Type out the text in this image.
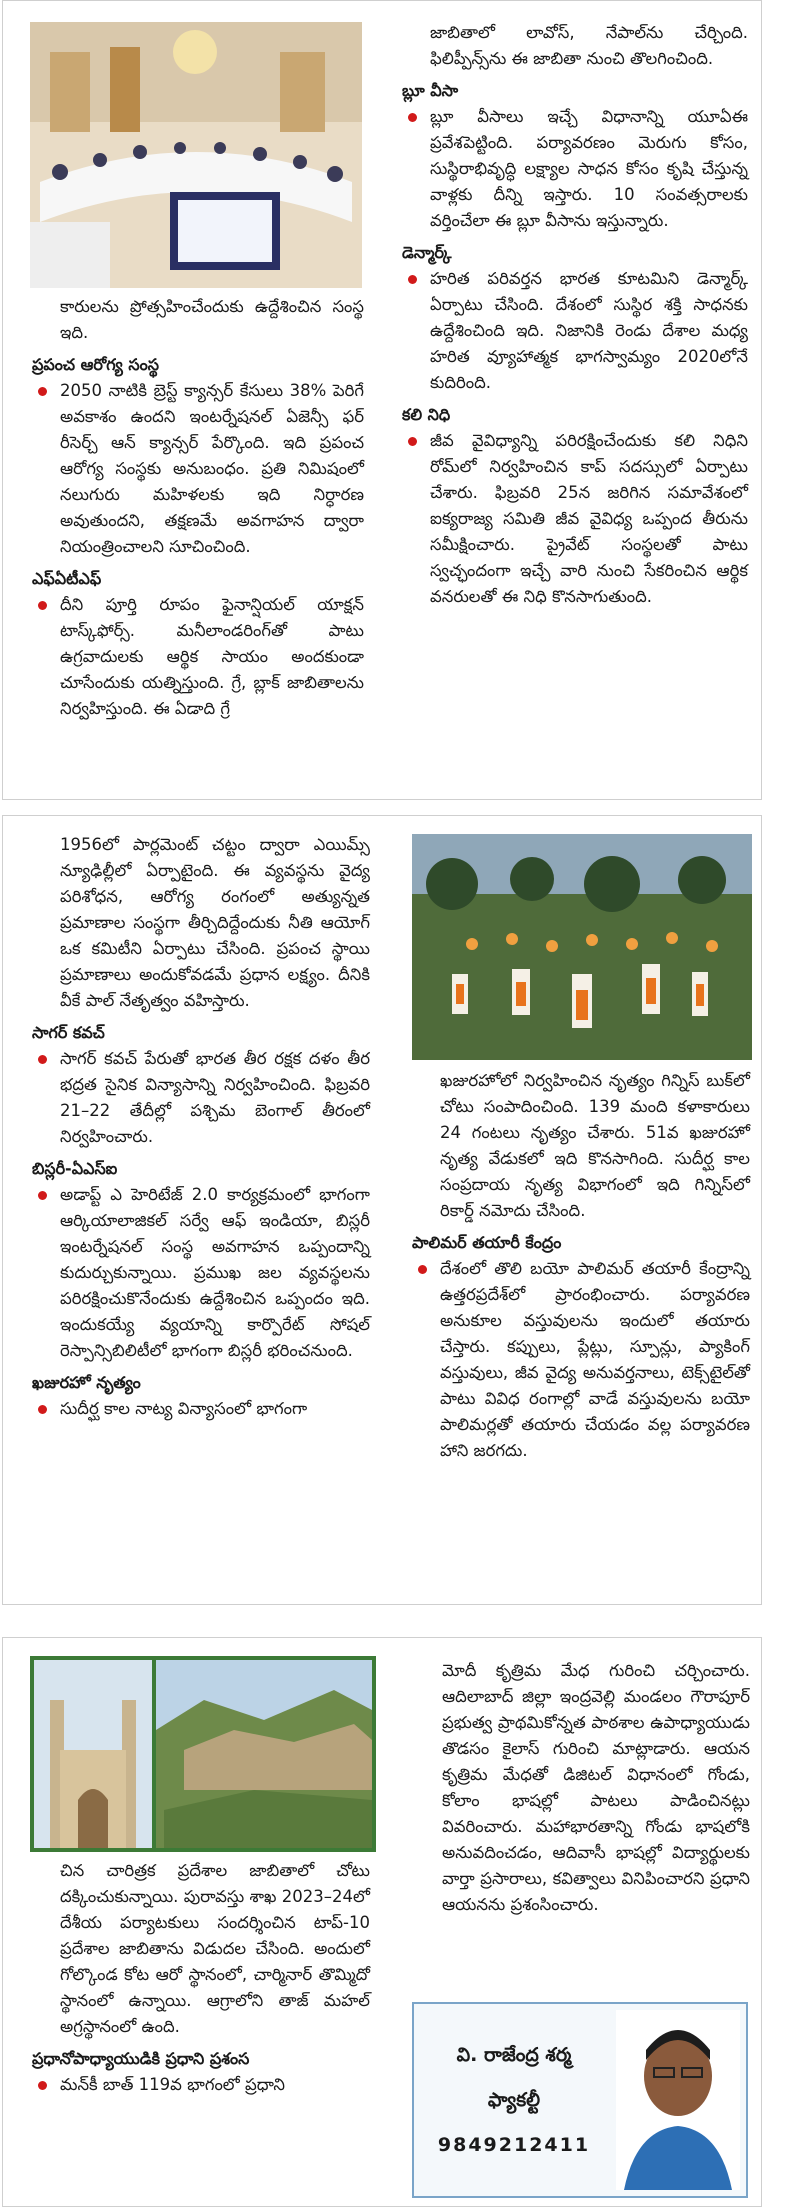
కారులను ప్రోత్సహించేందుకు ఉద్దేశించిన సంస్థ ఇది.

ప్రపంచ ఆరోగ్య సంస్థ

2050 నాటికి బ్రెస్ట్ క్యాన్సర్ కేసులు 38% పెరిగే అవకాశం ఉందని ఇంటర్నేషనల్ ఏజెన్సీ ఫర్ రీసెర్చ్ ఆన్ క్యాన్సర్ పేర్కొంది. ఇది ప్రపంచ ఆరోగ్య సంస్థకు అనుబంధం. ప్రతి నిమిషంలో నలుగురు మహిళలకు ఇది నిర్ధారణ అవుతుందని, తక్షణమే అవగాహన ద్వారా నియంత్రించాలని సూచించింది.

ఎఫ్ఏటీఎఫ్

దీని పూర్తి రూపం ఫైనాన్షియల్ యాక్షన్ టాస్క్‌ఫోర్స్. మనీలాండరింగ్‌తో పాటు ఉగ్రవాదులకు ఆర్థిక సాయం అందకుండా చూసేందుకు యత్నిస్తుంది. గ్రే, బ్లాక్ జాబితాలను నిర్వహిస్తుంది. ఈ ఏడాది గ్రే

జాబితాలో లావోస్, నేపాల్‌ను చేర్చింది. ఫిలిప్పీన్స్‌ను ఈ జాబితా నుంచి తొలగించింది.

బ్లూ వీసా

బ్లూ వీసాలు ఇచ్చే విధానాన్ని యూఏఈ ప్రవేశపెట్టింది. పర్యావరణం మెరుగు కోసం, సుస్థిరాభివృద్ధి లక్ష్యాల సాధన కోసం కృషి చేస్తున్న వాళ్లకు దీన్ని ఇస్తారు. 10 సంవత్సరాలకు వర్తించేలా ఈ బ్లూ వీసాను ఇస్తున్నారు.

డెన్మార్క్

హరిత పరివర్తన భారత కూటమిని డెన్మార్క్ ఏర్పాటు చేసింది. దేశంలో సుస్థిర శక్తి సాధనకు ఉద్దేశించింది ఇది. నిజానికి రెండు దేశాల మధ్య హరిత వ్యూహాత్మక భాగస్వామ్యం 2020లోనే కుదిరింది.

కలి నిధి

జీవ వైవిధ్యాన్ని పరిరక్షించేందుకు కలి నిధిని రోమ్‌లో నిర్వహించిన కాప్ సదస్సులో ఏర్పాటు చేశారు. ఫిబ్రవరి 25న జరిగిన సమావేశంలో ఐక్యరాజ్య సమితి జీవ వైవిధ్య ఒప్పంద తీరును సమీక్షించారు. ప్రైవేట్ సంస్థలతో పాటు స్వచ్ఛందంగా ఇచ్చే వారి నుంచి సేకరించిన ఆర్థిక వనరులతో ఈ నిధి కొనసాగుతుంది.

1956లో పార్లమెంట్ చట్టం ద్వారా ఎయిమ్స్ న్యూఢిల్లీలో ఏర్పాటైంది. ఈ వ్యవస్థను వైద్య పరిశోధన, ఆరోగ్య రంగంలో అత్యున్నత ప్రమాణాల సంస్థగా తీర్చిదిద్దేందుకు నీతి ఆయోగ్ ఒక కమిటీని ఏర్పాటు చేసింది. ప్రపంచ స్థాయి ప్రమాణాలు అందుకోవడమే ప్రధాన లక్ష్యం. దీనికి వీకే పాల్ నేతృత్వం వహిస్తారు.

సాగర్ కవచ్

సాగర్ కవచ్ పేరుతో భారత తీర రక్షక దళం తీర భద్రత సైనిక విన్యాసాన్ని నిర్వహించింది. ఫిబ్రవరి 21–22 తేదీల్లో పశ్చిమ బెంగాల్ తీరంలో నిర్వహించారు.

బిస్లరీ-ఏఎస్ఐ

అడాప్ట్ ఎ హెరిటేజ్ 2.0 కార్యక్రమంలో భాగంగా ఆర్కియాలాజికల్ సర్వే ఆఫ్ ఇండియా, బిస్లరీ ఇంటర్నేషనల్ సంస్థ అవగాహన ఒప్పందాన్ని కుదుర్చుకున్నాయి. ప్రముఖ జల వ్యవస్థలను పరిరక్షించుకొనేందుకు ఉద్దేశించిన ఒప్పందం ఇది. ఇందుకయ్యే వ్యయాన్ని కార్పొరేట్ సోషల్ రెస్పాన్సిబిలిటీలో భాగంగా బిస్లరీ భరించనుంది.

ఖజురహో నృత్యం

సుదీర్ఘ కాల నాట్య విన్యాసంలో భాగంగా

ఖజురహోలో నిర్వహించిన నృత్యం గిన్నిస్ బుక్‌లో చోటు సంపాదించింది. 139 మంది కళాకారులు 24 గంటలు నృత్యం చేశారు. 51వ ఖజురహో నృత్య వేడుకలో ఇది కొనసాగింది. సుదీర్ఘ కాల సంప్రదాయ నృత్య విభాగంలో ఇది గిన్నిస్‌లో రికార్డ్ నమోదు చేసింది.

పాలిమర్ తయారీ కేంద్రం

దేశంలో తొలి బయో పాలిమర్ తయారీ కేంద్రాన్ని ఉత్తరప్రదేశ్‌లో ప్రారంభించారు. పర్యావరణ అనుకూల వస్తువులను ఇందులో తయారు చేస్తారు. కప్పులు, ప్లేట్లు, స్పూన్లు, ప్యాకింగ్ వస్తువులు, జీవ వైద్య అనువర్తనాలు, టెక్స్‌టైల్‌తో పాటు వివిధ రంగాల్లో వాడే వస్తువులను బయో పాలిమర్లతో తయారు చేయడం వల్ల పర్యావరణ హాని జరగదు.

చిన చారిత్రక ప్రదేశాల జాబితాలో చోటు దక్కించుకున్నాయి. పురావస్తు శాఖ 2023–24లో దేశీయ పర్యాటకులు సందర్శించిన టాప్‌-10 ప్రదేశాల జాబితాను విడుదల చేసింది. అందులో గోల్కొండ కోట ఆరో స్థానంలో, చార్మినార్ తొమ్మిదో స్థానంలో ఉన్నాయి. ఆగ్రాలోని తాజ్ మహల్ అగ్రస్థానంలో ఉంది.

ప్రధానోపాధ్యాయుడికి ప్రధాని ప్రశంస

మన్‌కీ బాత్ 119వ భాగంలో ప్రధాని

మోదీ కృత్రిమ మేధ గురించి చర్చించారు. ఆదిలాబాద్ జిల్లా ఇంద్రవెల్లి మండలం గౌరాపూర్ ప్రభుత్వ ప్రాథమికోన్నత పాఠశాల ఉపాధ్యాయుడు తొడసం కైలాస్ గురించి మాట్లాడారు. ఆయన కృత్రిమ మేధతో డిజిటల్ విధానంలో గోండు, కోలాం భాషల్లో పాటలు పాడించినట్లు వివరించారు. మహాభారతాన్ని గోండు భాషలోకి అనువదించడం, ఆదివాసీ భాషల్లో విద్యార్థులకు వార్తా ప్రసారాలు, కవిత్వాలు వినిపించారని ప్రధాని ఆయనను ప్రశంసించారు.

వి. రాజేంద్ర శర్మ
ఫ్యాకల్టీ
9849212411
